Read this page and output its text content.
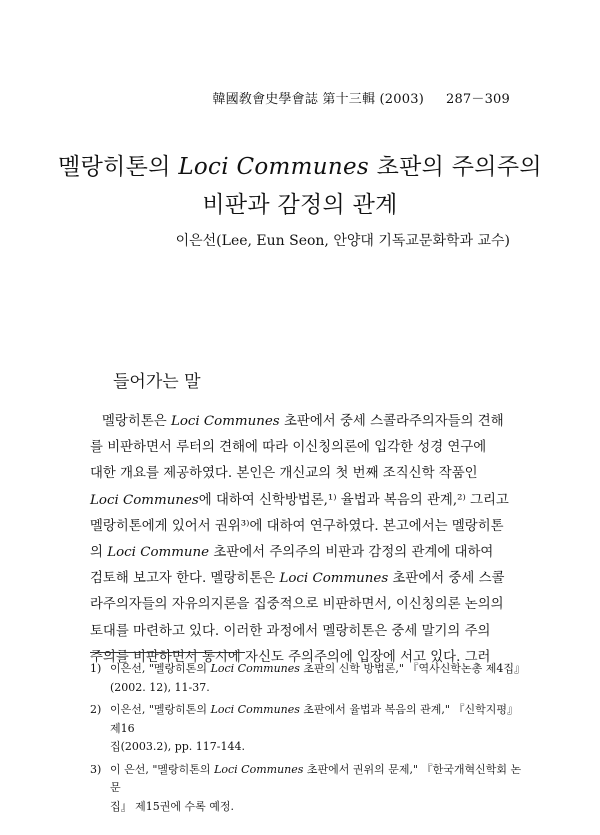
韓國敎會史學會誌 第十三輯 (2003) 287－309
멜랑히톤의 Loci Communes 초판의 주의주의
비판과 감정의 관계
이은선(Lee, Eun Seon, 안양대 기독교문화학과 교수)
들어가는 말
멜랑히톤은 Loci Communes 초판에서 중세 스콜라주의자들의 견해
를 비판하면서 루터의 견해에 따라 이신칭의론에 입각한 성경 연구에
대한 개요를 제공하였다. 본인은 개신교의 첫 번째 조직신학 작품인
Loci Communes에 대하여 신학방법론,¹⁾ 율법과 복음의 관계,²⁾ 그리고
멜랑히톤에게 있어서 권위³⁾에 대하여 연구하였다. 본고에서는 멜랑히톤
의 Loci Commune 초판에서 주의주의 비판과 감정의 관계에 대하여
검토해 보고자 한다. 멜랑히톤은 Loci Communes 초판에서 중세 스콜
라주의자들의 자유의지론을 집중적으로 비판하면서, 이신칭의론 논의의
토대를 마련하고 있다. 이러한 과정에서 멜랑히톤은 중세 말기의 주의
주의를 비판하면서 동시에 자신도 주의주의에 입장에 서고 있다. 그러
1) 이은선, "멜랑히톤의 Loci Communes 초판의 신학 방법론," 『역사신학논총 제4집』
(2002. 12), 11-37.
2) 이은선, "멜랑히톤의 Loci Communes 초판에서 율법과 복음의 관계," 『신학지평』 제16
집(2003.2), pp. 117-144.
3) 이 은선, "멜랑히톤의 Loci Communes 초판에서 권위의 문제," 『한국개혁신학회 논문
집』 제15권에 수록 예정.
